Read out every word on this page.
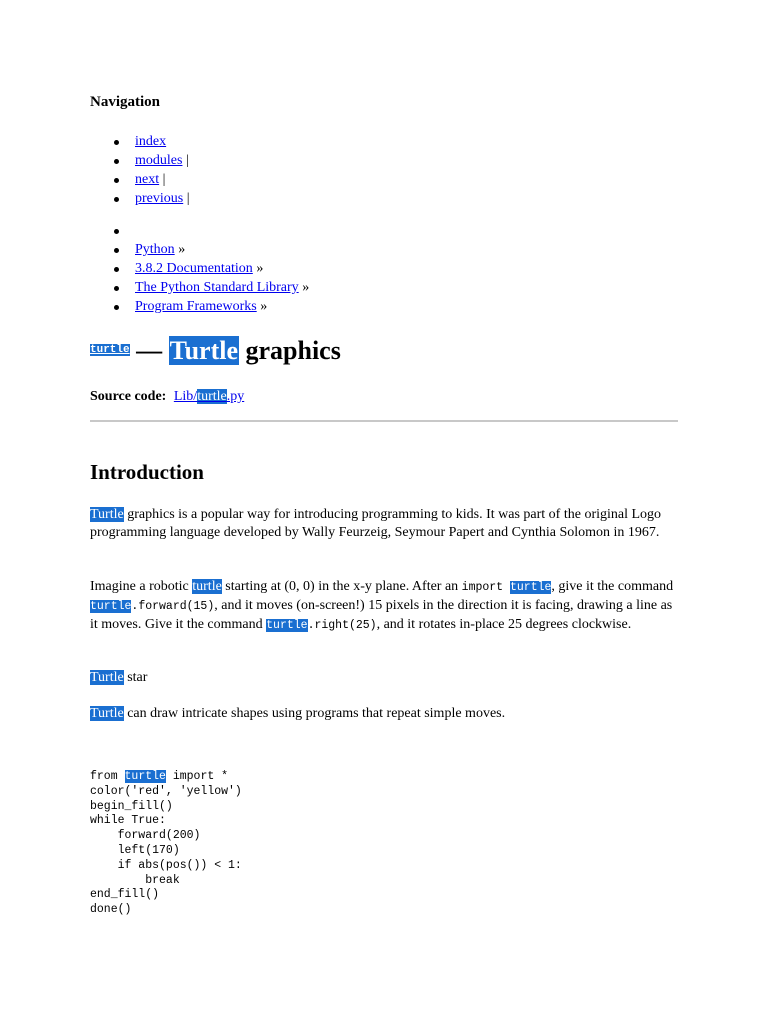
Navigation
index
modules |
next |
previous |
Python »
3.8.2 Documentation »
The Python Standard Library »
Program Frameworks »
turtle — Turtle graphics
Source code: Lib/turtle.py
Introduction

Turtle graphics is a popular way for introducing programming to kids. It was part of the original Logo programming language developed by Wally Feurzeig, Seymour Papert and Cynthia Solomon in 1967.

Imagine a robotic turtle starting at (0, 0) in the x-y plane. After an import turtle, give it the command turtle.forward(15), and it moves (on-screen!) 15 pixels in the direction it is facing, drawing a line as it moves. Give it the command turtle.right(25), and it rotates in-place 25 degrees clockwise.

Turtle star

Turtle can draw intricate shapes using programs that repeat simple moves.

from turtle import *
color('red', 'yellow')
begin_fill()
while True:
forward(200)
left(170)
if abs(pos()) < 1:
break
end_fill()
done()
